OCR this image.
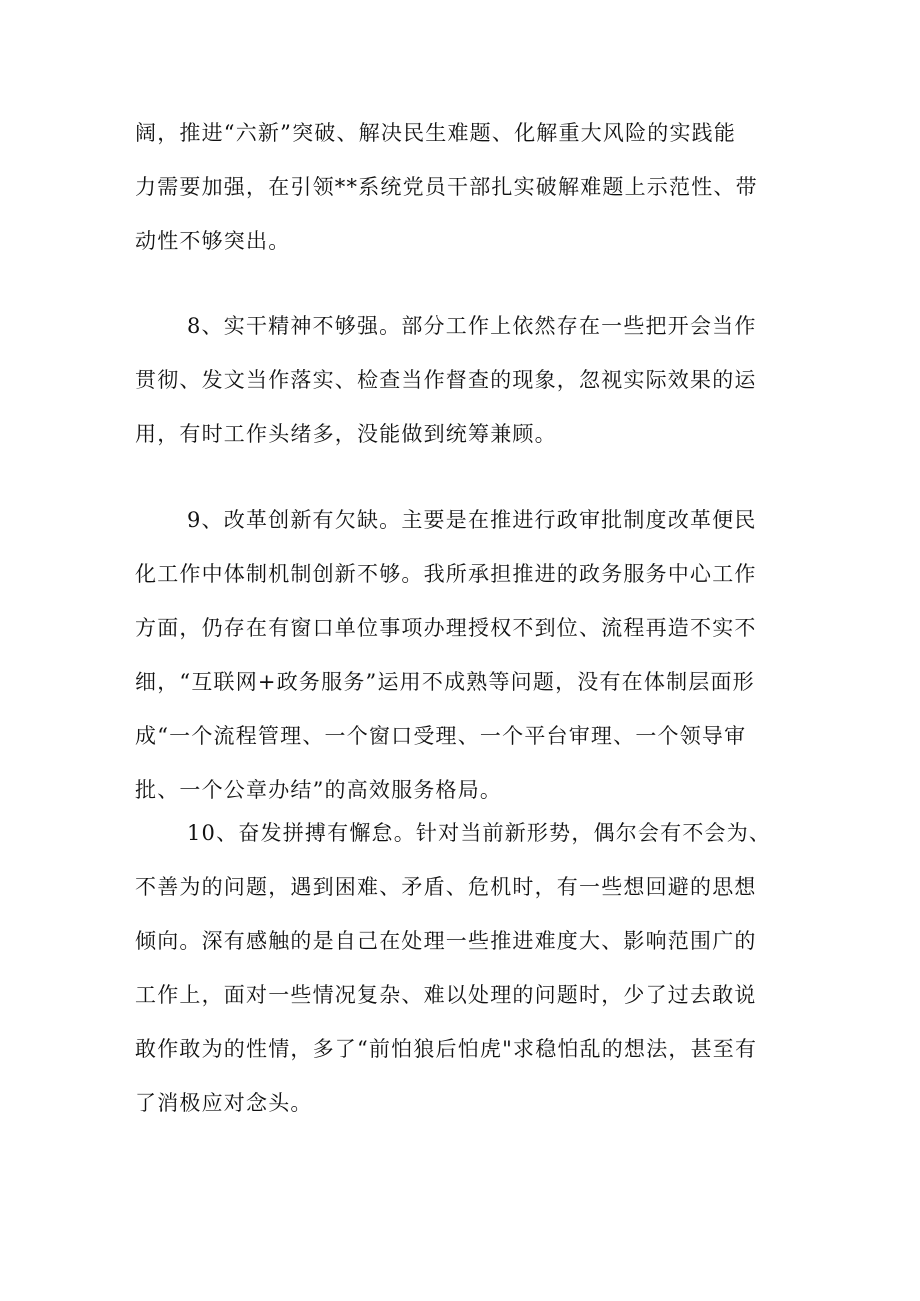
阔，推进“六新”突破、解决民生难题、化解重大风险的实践能
力需要加强，在引领**系统党员干部扎实破解难题上示范性、带
动性不够突出。

8、实干精神不够强。部分工作上依然存在一些把开会当作
贯彻、发文当作落实、检查当作督查的现象，忽视实际效果的运
用，有时工作头绪多，没能做到统筹兼顾。

9、改革创新有欠缺。主要是在推进行政审批制度改革便民
化工作中体制机制创新不够。我所承担推进的政务服务中心工作
方面，仍存在有窗口单位事项办理授权不到位、流程再造不实不
细，“互联网+政务服务”运用不成熟等问题，没有在体制层面形
成“一个流程管理、一个窗口受理、一个平台审理、一个领导审
批、一个公章办结”的高效服务格局。

10、奋发拼搏有懈怠。针对当前新形势，偶尔会有不会为、
不善为的问题，遇到困难、矛盾、危机时，有一些想回避的思想
倾向。深有感触的是自己在处理一些推进难度大、影响范围广的
工作上，面对一些情况复杂、难以处理的问题时，少了过去敢说
敢作敢为的性情，多了“前怕狼后怕虎"求稳怕乱的想法，甚至有
了消极应对念头。
